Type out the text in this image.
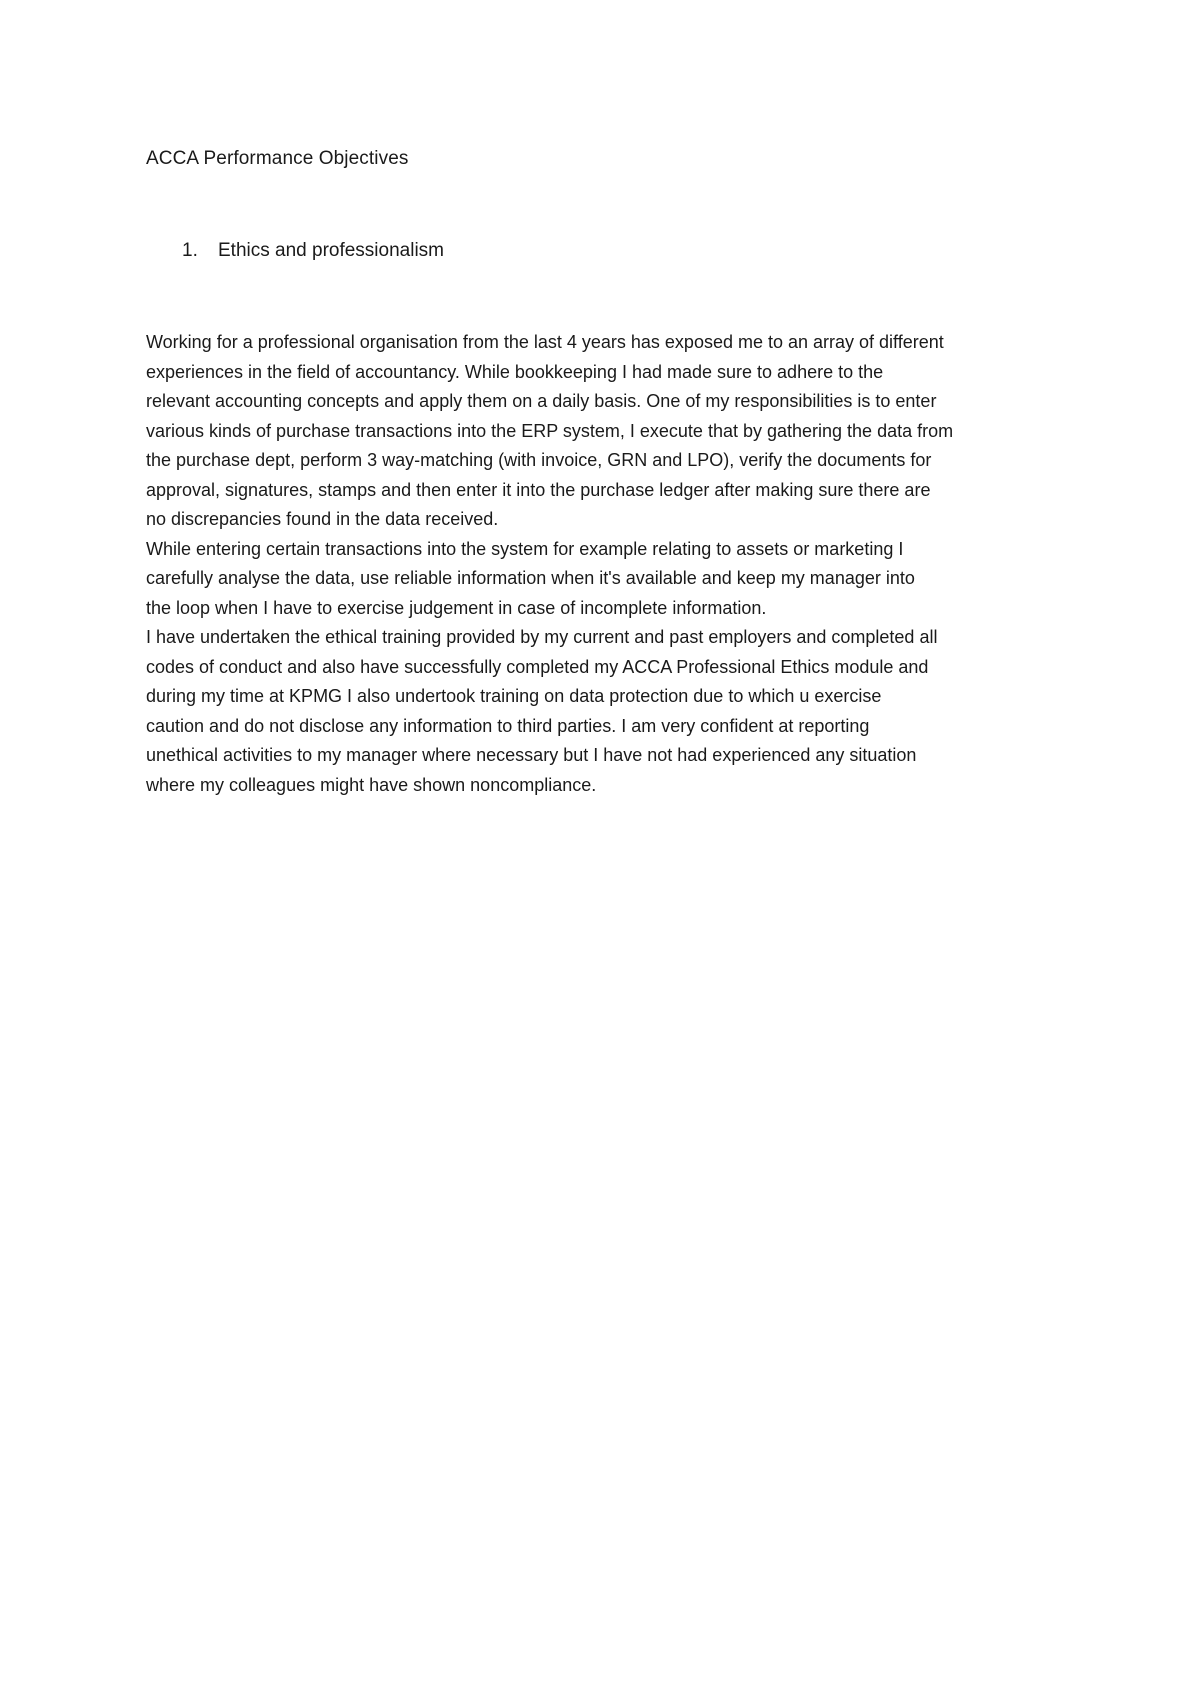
ACCA Performance Objectives
1. Ethics and professionalism
Working for a professional organisation from the last 4 years has exposed me to an array of different
experiences in the field of accountancy. While bookkeeping I had made sure to adhere to the
relevant accounting concepts and apply them on a daily basis. One of my responsibilities is to enter
various kinds of purchase transactions into the ERP system, I execute that by gathering the data from
the purchase dept, perform 3 way-matching (with invoice, GRN and LPO), verify the documents for
approval, signatures, stamps and then enter it into the purchase ledger after making sure there are
no discrepancies found in the data received.
While entering certain transactions into the system for example relating to assets or marketing I
carefully analyse the data, use reliable information when it's available and keep my manager into
the loop when I have to exercise judgement in case of incomplete information.
I have undertaken the ethical training provided by my current and past employers and completed all
codes of conduct and also have successfully completed my ACCA Professional Ethics module and
during my time at KPMG I also undertook training on data protection due to which u exercise
caution and do not disclose any information to third parties. I am very confident at reporting
unethical activities to my manager where necessary but I have not had experienced any situation
where my colleagues might have shown noncompliance.
